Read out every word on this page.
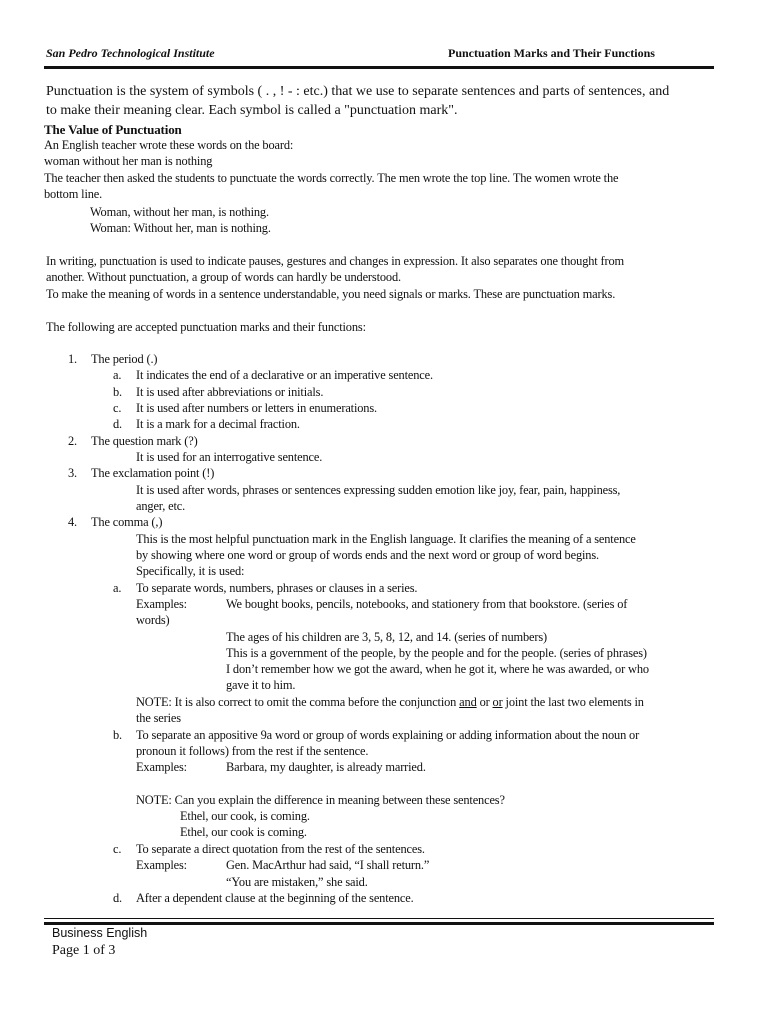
San Pedro Technological Institute	Punctuation Marks and Their Functions
Punctuation is the system of symbols ( . , ! - : etc.) that we use to separate sentences and parts of sentences, and
to make their meaning clear. Each symbol is called a "punctuation mark".
The Value of Punctuation
An English teacher wrote these words on the board:
woman without her man is nothing
The teacher then asked the students to punctuate the words correctly. The men wrote the top line. The women wrote the
bottom line.
Woman, without her man, is nothing.
Woman: Without her, man is nothing.
In writing, punctuation is used to indicate pauses, gestures and changes in expression. It also separates one thought from
another. Without punctuation, a group of words can hardly be understood.
To make the meaning of words in a sentence understandable, you need signals or marks. These are punctuation marks.
The following are accepted punctuation marks and their functions:
1. The period (.)
a. It indicates the end of a declarative or an imperative sentence.
b. It is used after abbreviations or initials.
c. It is used after numbers or letters in enumerations.
d. It is a mark for a decimal fraction.
2. The question mark (?)
It is used for an interrogative sentence.
3. The exclamation point (!)
It is used after words, phrases or sentences expressing sudden emotion like joy, fear, pain, happiness,
anger, etc.
4. The comma (,)
This is the most helpful punctuation mark in the English language. It clarifies the meaning of a sentence
by showing where one word or group of words ends and the next word or group of word begins.
Specifically, it is used:
a. To separate words, numbers, phrases or clauses in a series.
Examples:	We bought books, pencils, notebooks, and stationery from that bookstore. (series of
words)
The ages of his children are 3, 5, 8, 12, and 14. (series of numbers)
This is a government of the people, by the people and for the people. (series of phrases)
I don’t remember how we got the award, when he got it, where he was awarded, or who
gave it to him.
NOTE: It is also correct to omit the comma before the conjunction and or or joint the last two elements in
the series
b. To separate an appositive 9a word or group of words explaining or adding information about the noun or
pronoun it follows) from the rest if the sentence.
Examples:	Barbara, my daughter, is already married.
NOTE: Can you explain the difference in meaning between these sentences?
Ethel, our cook, is coming.
Ethel, our cook is coming.
c. To separate a direct quotation from the rest of the sentences.
Examples:	Gen. MacArthur had said, “I shall return.”
“You are mistaken,” she said.
d. After a dependent clause at the beginning of the sentence.
Business English
Page 1 of 3
